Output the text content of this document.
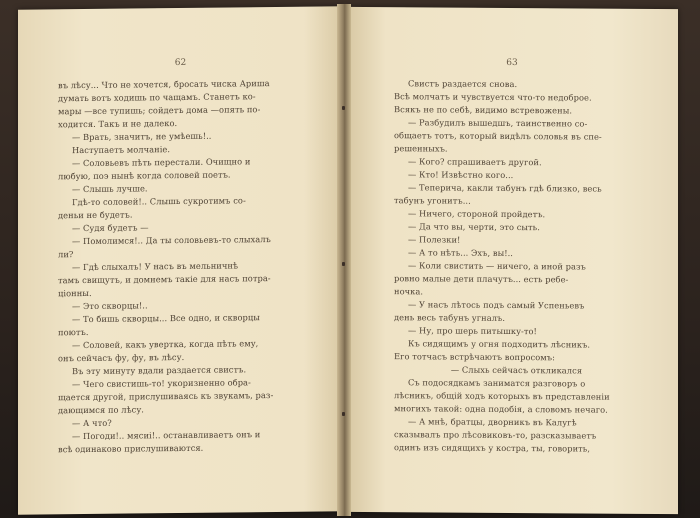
62
въ лѣсу... Что не хочется, бросать чиска Ариша
думать вотъ ходишь по чащамъ. Станетъ ко-
мары —все тупишь; сойдетъ дома —опять по-
ходится. Такъ и не далеко.
— Врать, значитъ, не умѣешь!..
Наступаетъ молчаніе.
— Соловьевъ пѣть перестали. Очищно и
любую, поэ нынѣ когда соловей поетъ.
— Слышь лучше.
Гдѣ-то соловей!.. Слышь сукротимъ со-
деньи не будетъ.
— Судя будетъ —
— Помолимся!.. Да ты соловьевъ-то слыхалъ
ли?
— Гдѣ слыхалъ! У насъ въ мельничнѣ
тамъ свищутъ, и домнемъ такіе для насъ потра-
ціонны.
— Это скворцы!..
— То бишь скворцы... Все одно, и скворцы
поютъ.
— Соловей, какъ увертка, когда пѣть ему,
онъ сейчасъ фу, фу, въ лѣсу.
Въ эту минуту вдали раздается свистъ.
— Чего свистишь-то! укоризненно обра-
щается другой, прислушиваясь къ звукамъ, раз-
дающимся по лѣсу.
— А что?
— Погоди!.. мясиі!.. останавливаетъ онъ и
всѣ одинаково прислушиваются.
63
Свистъ раздается снова.
Всѣ молчатъ и чувствуется что-то недоброе.
Всякъ не по себѣ, видимо встревожены.
— Разбудилъ вышедшъ, таинственно со-
общаетъ тотъ, который видѣлъ соловья въ спе-
решенныхъ.
— Кого? спрашиваетъ другой.
— Кто! Извѣстно кого...
— Теперича, какли табунъ гдѣ близко, весь
табунъ угонитъ...
— Ничего, стороной пройдетъ.
— Да что вы, черти, это сыть.
— Полезки!
— А то нѣть... Эхъ, вы!..
— Коли свистить — ничего, а иной разъ
ровно малые дети плачутъ... есть ребе-
ночка.
— У насъ лѣтось подъ самый Успеньевъ
день весь табунъ угналъ.
— Ну, про шерь питышку-то!
Къ сидящимъ у огня подходитъ лѣсникъ.
Его тотчасъ встрѣчаютъ вопросомъ:
— Слыхь сейчасъ откликался
Съ подосядкамъ заниматся разговоръ о
лѣсникъ, общій ходъ которыхъ въ представленіи
многихъ такой: одна подобія, а словомъ нечаго.
— А мнѣ, братцы, дворникъ въ Калугѣ
сказывалъ про лѣсовиковъ-то, разсказываетъ
одинъ изъ сидящихъ у костра, ты, говорить,
